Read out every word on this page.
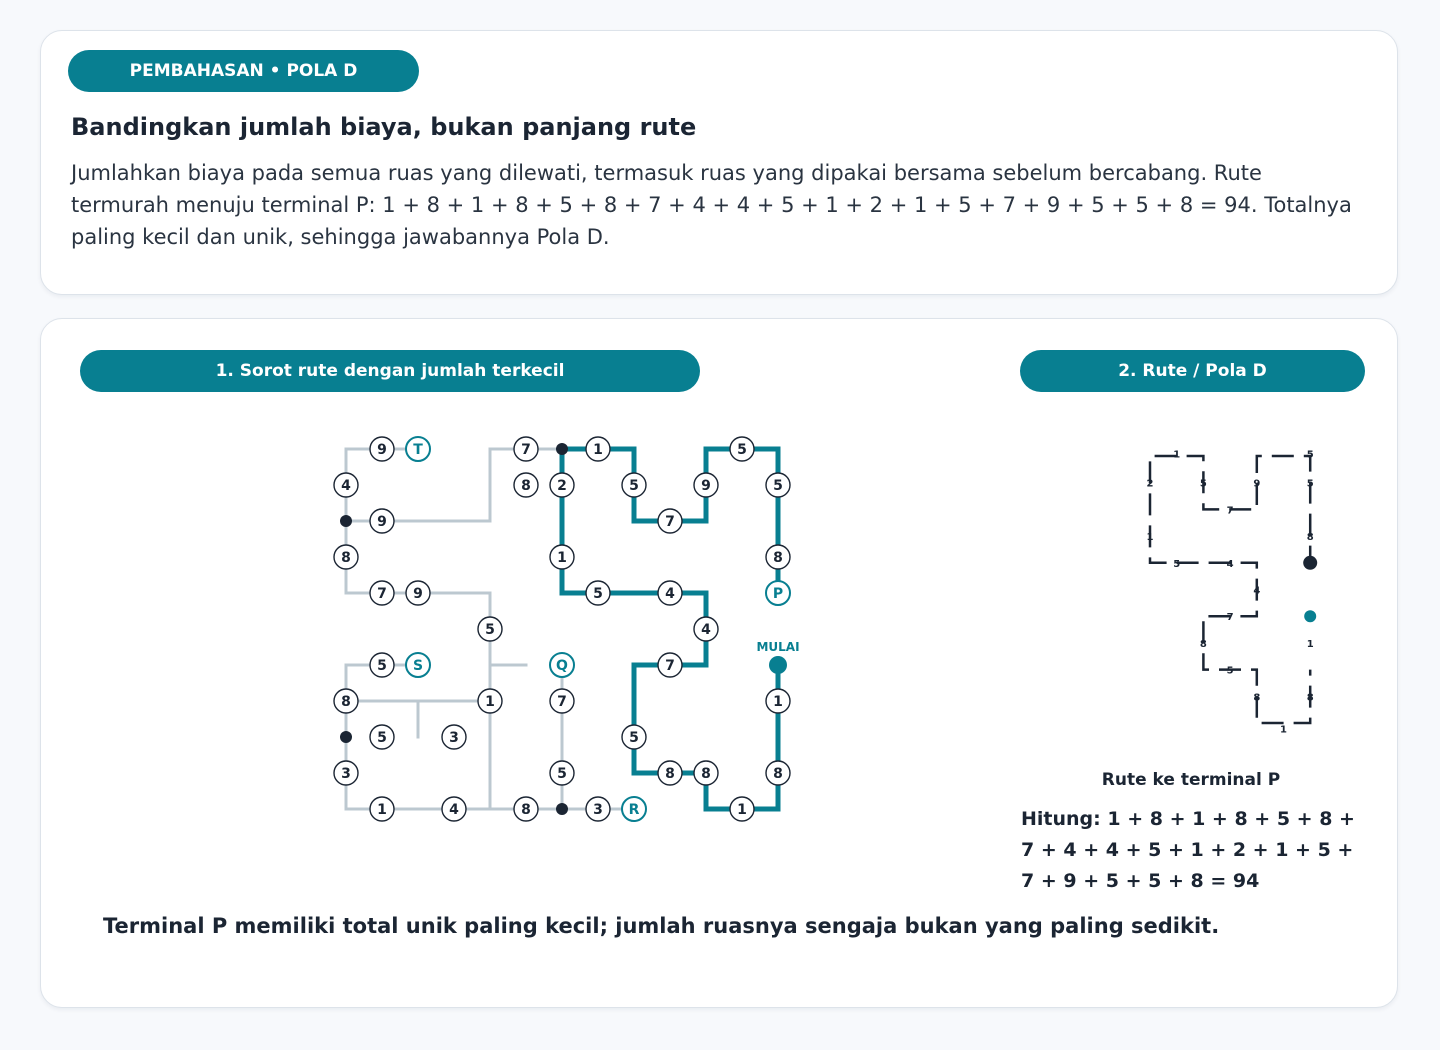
PEMBAHASAN • POLA D
Bandingkan jumlah biaya, bukan panjang rute

Jumlahkan biaya pada semua ruas yang dilewati, termasuk ruas yang dipakai bersama sebelum bercabang. Rute termurah menuju terminal P: 1 + 8 + 1 + 8 + 5 + 8 + 7 + 4 + 4 + 5 + 1 + 2 + 1 + 5 + 7 + 9 + 5 + 5 + 8 = 94. Totalnya paling kecil dan unik, sehingga jawabannya Pola D.

1. Sorot rute dengan jumlah terkecil	2. Rute / Pola D
1
8
1
8
5
8
7
4
4
5
1
2
1
5
7
9
5
5
8
9
4
9
8
7 9
5
1
5
8
5	3
3
1	4	8	3
7
8
7
5
T
S	Q
R
P
MULAI
1
5
2	5
9
5
7
1	8
5	4
4
7
8	1
5
8	8
1
Rute ke terminal P

Hitung: 1 + 8 + 1 + 8 + 5 + 8 + 7 + 4 + 4 + 5 + 1 + 2 + 1 + 5 + 7 + 9 + 5 + 5 + 8 = 94

Terminal P memiliki total unik paling kecil; jumlah ruasnya sengaja bukan yang paling sedikit.
